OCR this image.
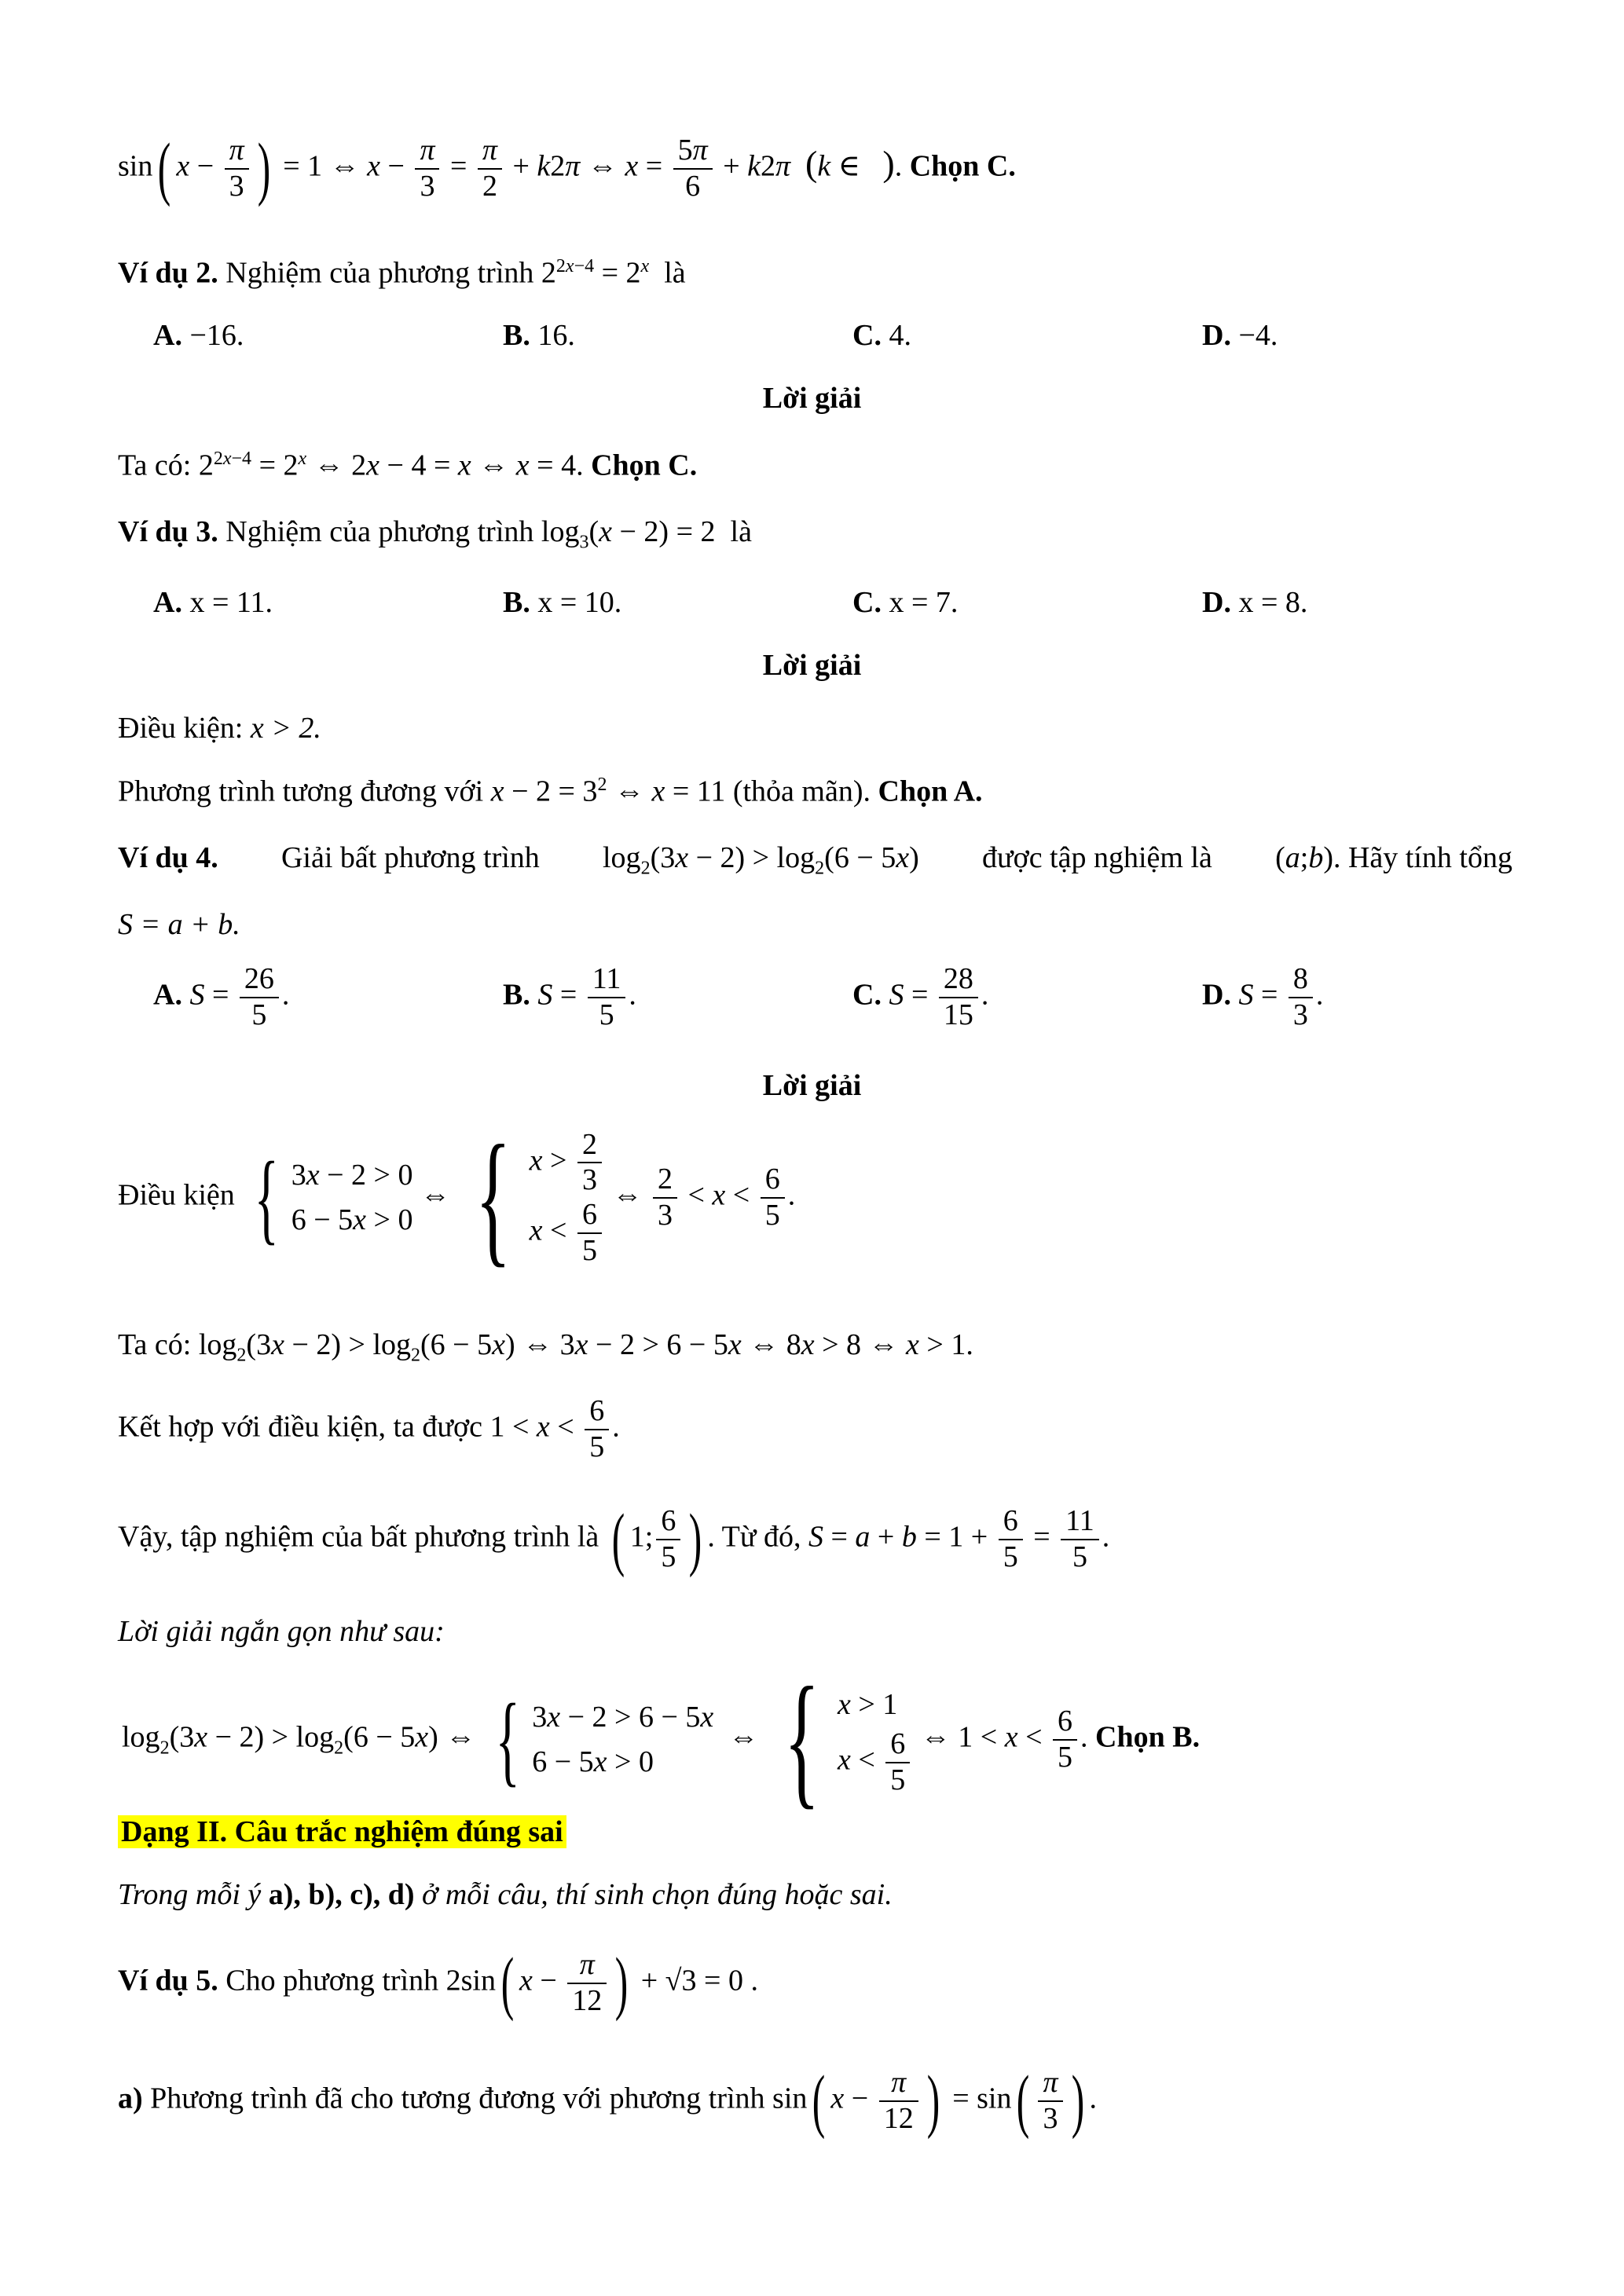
sin( $x - \frac{\pi}{3}$ ) = 1 ⇔ $x - \frac{\pi}{3} = \frac{\pi}{2} + k2\pi$ ⇔ $x = \frac{5\pi}{6} + k2\pi$ (k ∈   ). Chọn C.
Ví dụ 2. Nghiệm của phương trình $2^{2x-4} = 2^x$ là
A. −16.	B. 16.	C. 4.	D. −4.
Lời giải
Ta có: $2^{2x-4} = 2^x$ ⇔ 2x − 4 = x ⇔ x = 4. Chọn C.
Ví dụ 3. Nghiệm của phương trình $\log_3(x - 2) = 2$  là
A. x = 11.	B. x = 10.	C. x = 7.	D. x = 8.
Lời giải
Điều kiện: x > 2.
Phương trình tương đương với $x - 2 = 3^2$ ⇔ x = 11 (thỏa mãn). Chọn A.
Ví dụ 4. Giải bất phương trình $\log_2(3x - 2) > \log_2(6 - 5x)$ được tập nghiệm là (a;b). Hãy tính tổng
S = a + b.
A. $S = \frac{26}{5}$ .	B. $S = \frac{11}{5}$ .	C. $S = \frac{28}{15}$ .	D. $S = \frac{8}{3}$ .
Lời giải
Điều kiện { 3x − 2 > 0
6 − 5x > 0
⇔ { $x > \frac{2}{3}$
$x < \frac{6}{5}$
⇔ $\frac{2}{3} < x < \frac{6}{5}$ .
Ta có: $\log_2(3x - 2) > \log_2(6 - 5x)$ ⇔ 3x − 2 > 6 − 5x ⇔ 8x > 8 ⇔ x > 1.
Kết hợp với điều kiện, ta được $1 < x < \frac{6}{5}$ .
Vậy, tập nghiệm của bất phương trình là ( 1; $\frac{6}{5}$ ) . Từ đó, $S = a + b = 1 + \frac{6}{5} = \frac{11}{5}$ .
Lời giải ngắn gọn như sau:
$\log_2(3x - 2) > \log_2(6 - 5x)$ ⇔ { 3x − 2 > 6 − 5x
6 − 5x > 0
⇔ { x > 1
$x < \frac{6}{5}$ ⇔ $1 < x < \frac{6}{5}$ . Chọn B.
Dạng II. Câu trắc nghiệm đúng sai
Trong mỗi ý a), b), c), d) ở mỗi câu, thí sinh chọn đúng hoặc sai.
Ví dụ 5. Cho phương trình 2sin( $x - \frac{\pi}{12}$ ) + √3 = 0 .
a) Phương trình đã cho tương đương với phương trình sin( $x - \frac{\pi}{12}$ ) = $\sin( \frac{\pi}{3}$ ) .
